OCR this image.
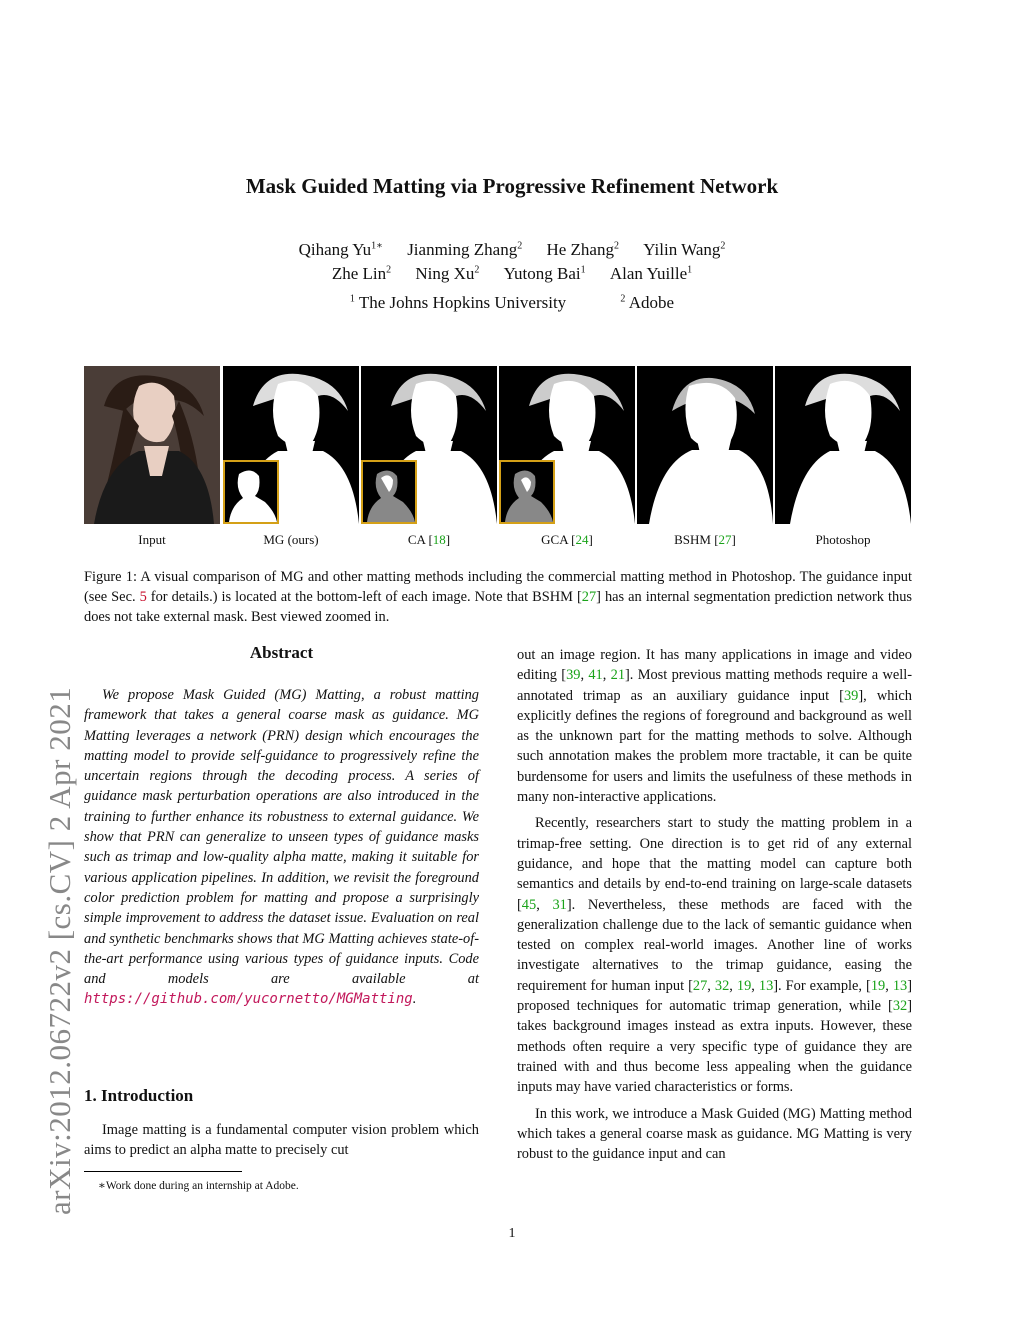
arXiv:2012.06722v2 [cs.CV] 2 Apr 2021
Mask Guided Matting via Progressive Refinement Network
Qihang $Yu^{1∗}$ Jianming Zhang$^2$ He Zhang$^2$ Yilin Wang$^2$
Zhe Lin$^2$ Ning Xu$^2$ Yutong Bai$^1$ Alan Yuille$^1$
$^1$ The Johns Hopkins University	$^2$ Adobe
Input	MG (ours)	CA [18]	GCA [24]	BSHM [27]	Photoshop
Figure 1: A visual comparison of MG and other matting methods including the commercial matting method in Photoshop. The guidance input (see Sec. 5 for details.) is located at the bottom-left of each image. Note that BSHM [27] has an internal segmentation prediction network thus does not take external mask. Best viewed zoomed in.
Abstract

We propose Mask Guided (MG) Matting, a robust matting framework that takes a general coarse mask as guidance. MG Matting leverages a network (PRN) design which encourages the matting model to provide self-guidance to progressively refine the uncertain regions through the decoding process. A series of guidance mask perturbation operations are also introduced in the training to further enhance its robustness to external guidance. We show that PRN can generalize to unseen types of guidance masks such as trimap and low-quality alpha matte, making it suitable for various application pipelines. In addition, we revisit the foreground color prediction problem for matting and propose a surprisingly simple improvement to address the dataset issue. Evaluation on real and synthetic benchmarks shows that MG Matting achieves state-of-the-art performance using various types of guidance inputs. Code and models are available at https://github.com/yucornetto/MGMatting.

1. Introduction

Image matting is a fundamental computer vision problem which aims to predict an alpha matte to precisely cut

∗Work done during an internship at Adobe.

out an image region. It has many applications in image and video editing [39, 41, 21]. Most previous matting methods require a well-annotated trimap as an auxiliary guidance input [39], which explicitly defines the regions of foreground and background as well as the unknown part for the matting methods to solve. Although such annotation makes the problem more tractable, it can be quite burdensome for users and limits the usefulness of these methods in many non-interactive applications.

Recently, researchers start to study the matting problem in a trimap-free setting. One direction is to get rid of any external guidance, and hope that the matting model can capture both semantics and details by end-to-end training on large-scale datasets [45, 31]. Nevertheless, these methods are faced with the generalization challenge due to the lack of semantic guidance when tested on complex real-world images. Another line of works investigate alternatives to the trimap guidance, easing the requirement for human input [27, 32, 19, 13]. For example, [19, 13] proposed techniques for automatic trimap generation, while [32] takes background images instead as extra inputs. However, these methods often require a very specific type of guidance they are trained with and thus become less appealing when the guidance inputs may have varied characteristics or forms.

In this work, we introduce a Mask Guided (MG) Matting method which takes a general coarse mask as guidance. MG Matting is very robust to the guidance input and can

1
